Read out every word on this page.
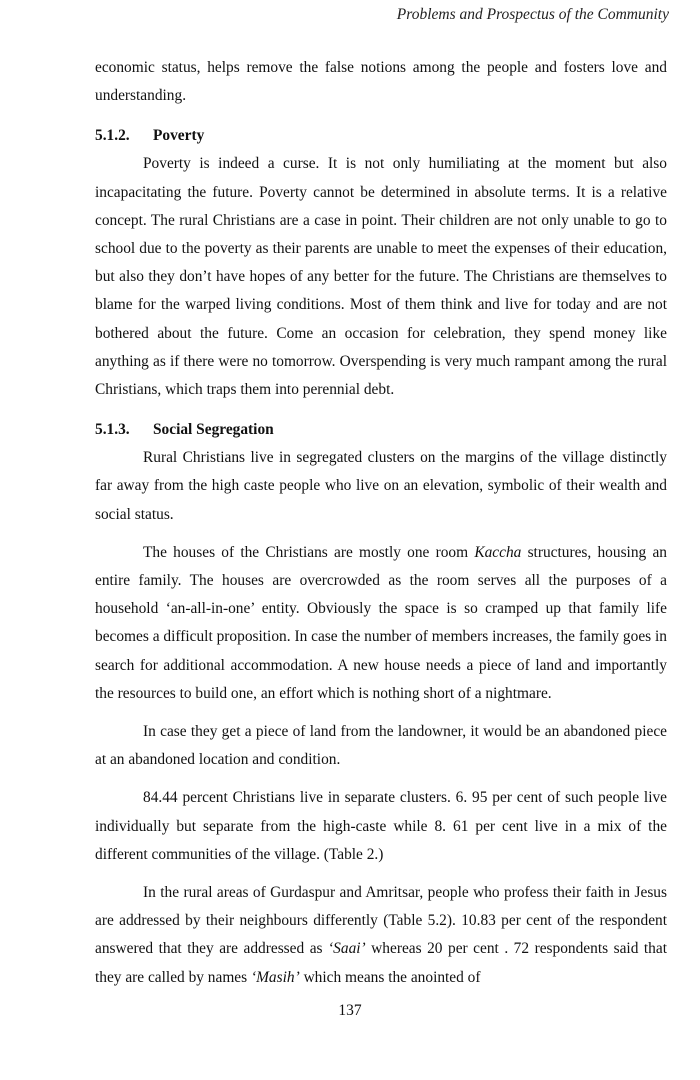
Problems and Prospectus of the Community

economic status, helps remove the false notions among the people and fosters love and understanding.

5.1.2. Poverty

Poverty is indeed a curse. It is not only humiliating at the moment but also incapacitating the future. Poverty cannot be determined in absolute terms. It is a relative concept. The rural Christians are a case in point. Their children are not only unable to go to school due to the poverty as their parents are unable to meet the expenses of their education, but also they don’t have hopes of any better for the future. The Christians are themselves to blame for the warped living conditions. Most of them think and live for today and are not bothered about the future. Come an occasion for celebration, they spend money like anything as if there were no tomorrow. Overspending is very much rampant among the rural Christians, which traps them into perennial debt.

5.1.3. Social Segregation

Rural Christians live in segregated clusters on the margins of the village distinctly far away from the high caste people who live on an elevation, symbolic of their wealth and social status.

The houses of the Christians are mostly one room Kaccha structures, housing an entire family. The houses are overcrowded as the room serves all the purposes of a household ‘an-all-in-one’ entity. Obviously the space is so cramped up that family life becomes a difficult proposition. In case the number of members increases, the family goes in search for additional accommodation. A new house needs a piece of land and importantly the resources to build one, an effort which is nothing short of a nightmare.

In case they get a piece of land from the landowner, it would be an abandoned piece at an abandoned location and condition.

84.44 percent Christians live in separate clusters. 6. 95 per cent of such people live individually but separate from the high-caste while 8. 61 per cent live in a mix of the different communities of the village. (Table 2.)

In the rural areas of Gurdaspur and Amritsar, people who profess their faith in Jesus are addressed by their neighbours differently (Table 5.2). 10.83 per cent of the respondent answered that they are addressed as ‘Saai’ whereas 20 per cent . 72 respondents said that they are called by names ‘Masih’ which means the anointed of

137
